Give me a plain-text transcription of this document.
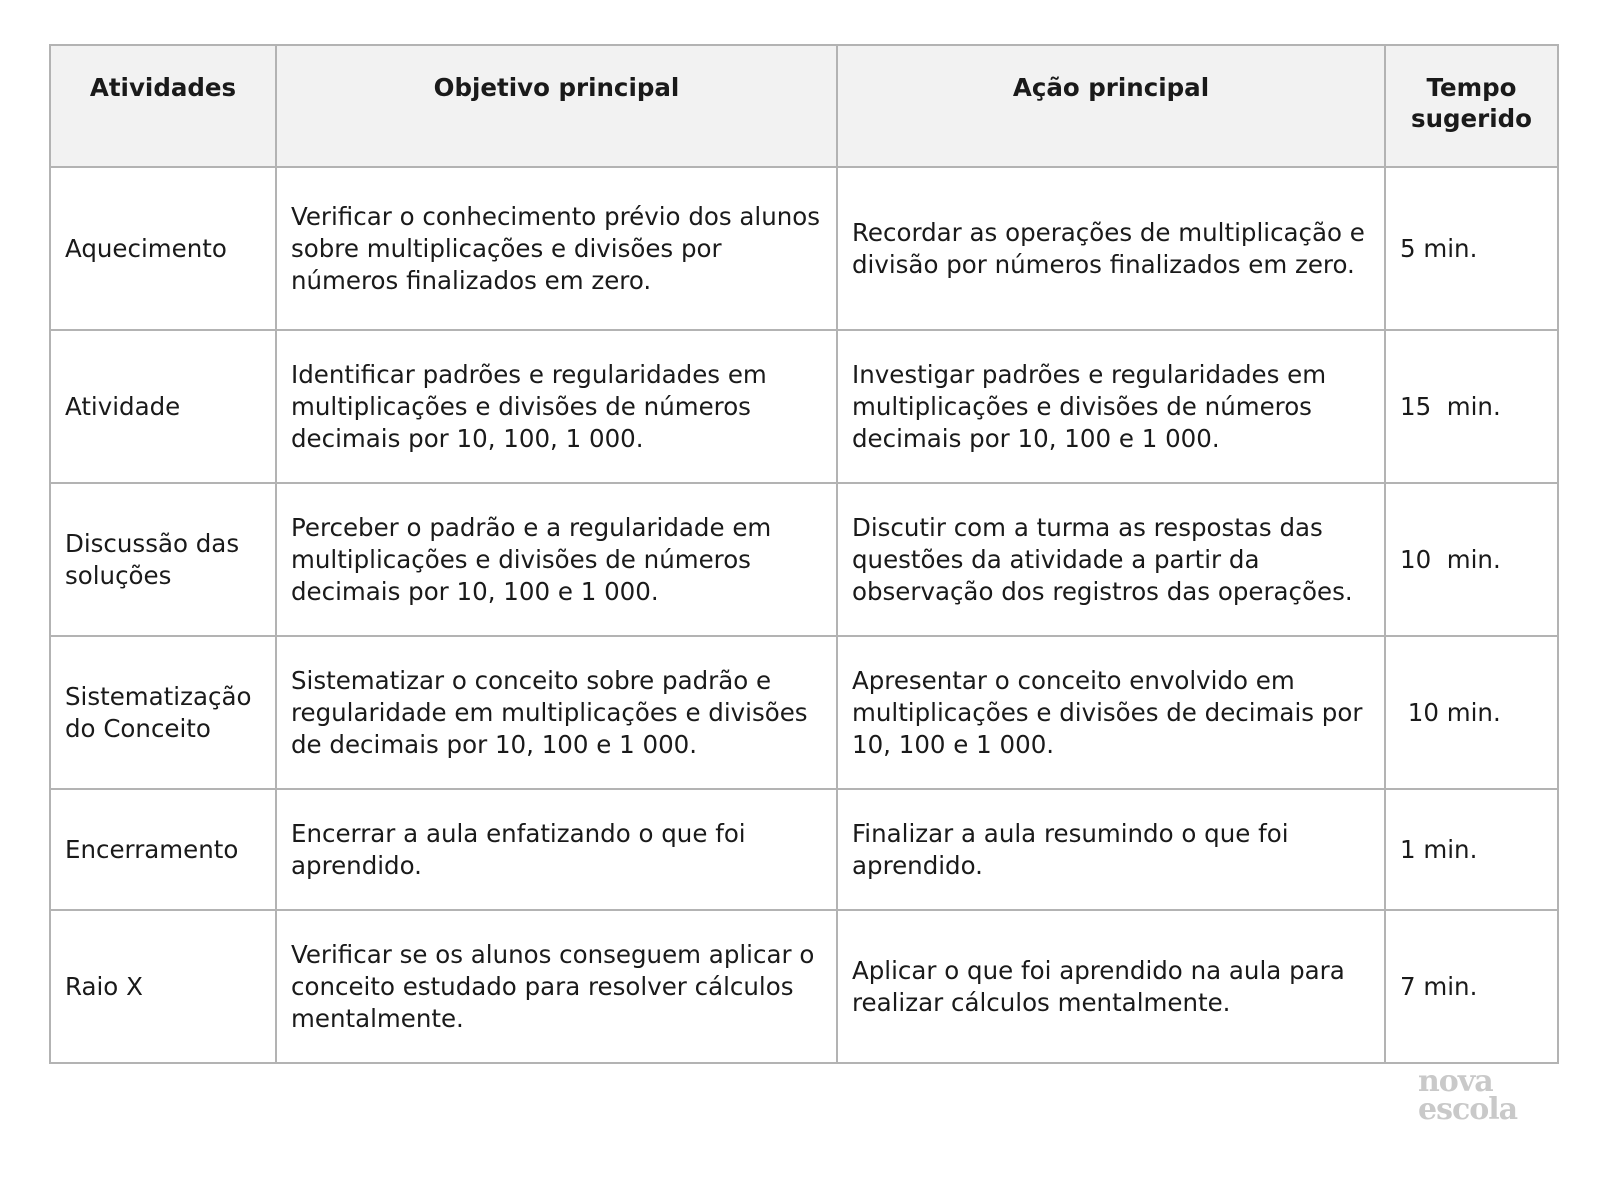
Atividades	Objetivo principal	Ação principal	Tempo sugerido
Aquecimento	Verificar o conhecimento prévio dos alunos sobre multiplicações e divisões por números finalizados em zero.	Recordar as operações de multiplicação e divisão por números finalizados em zero.	5 min.
Atividade	Identificar padrões e regularidades em multiplicações e divisões de números decimais por 10, 100, 1 000.	Investigar padrões e regularidades em multiplicações e divisões de números decimais por 10, 100 e 1 000.	15  min.
Discussão das soluções	Perceber o padrão e a regularidade em multiplicações e divisões de números decimais por 10, 100 e 1 000.	Discutir com a turma as respostas das questões da atividade a partir da observação dos registros das operações.	10  min.
Sistematização do Conceito	Sistematizar o conceito sobre padrão e regularidade em multiplicações e divisões de decimais por 10, 100 e 1 000.	Apresentar o conceito envolvido em multiplicações e divisões de decimais por 10, 100 e 1 000.	10 min.
Encerramento	Encerrar a aula enfatizando o que foi aprendido.	Finalizar a aula resumindo o que foi aprendido.	1 min.
Raio X	Verificar se os alunos conseguem aplicar o conceito estudado para resolver cálculos mentalmente.	Aplicar o que foi aprendido na aula para realizar cálculos mentalmente.	7 min.
nova
escola
